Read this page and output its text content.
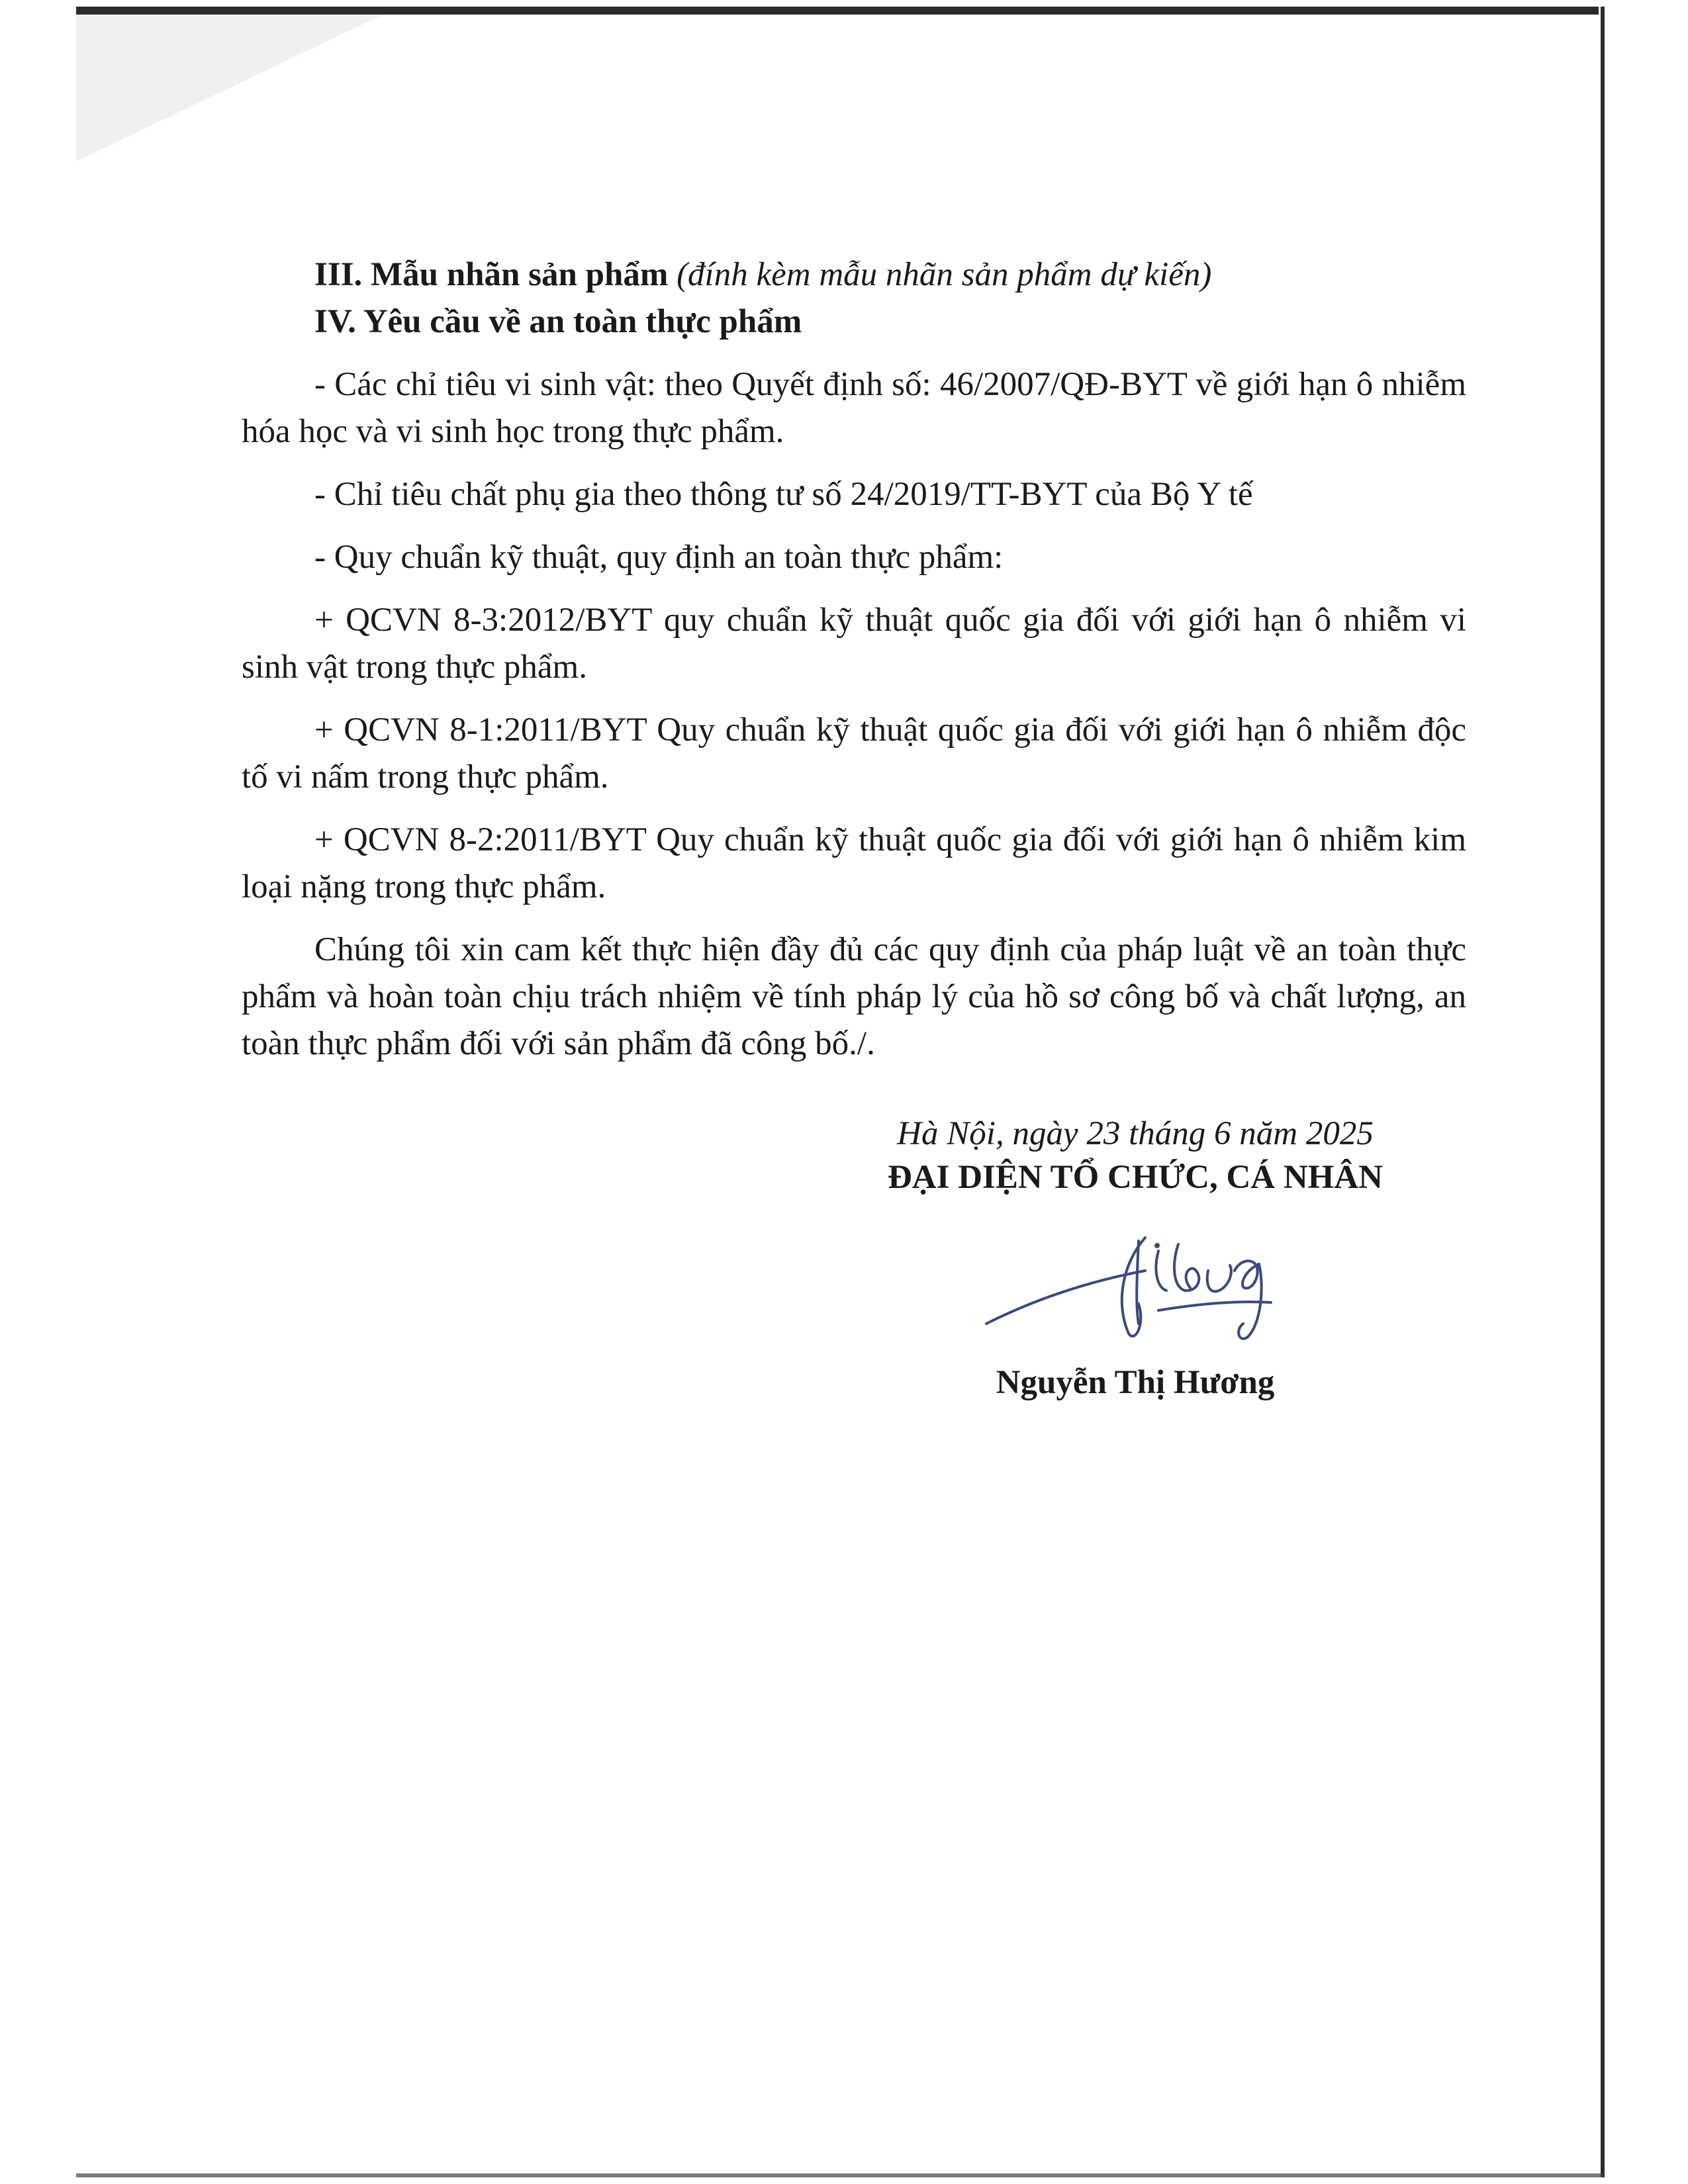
III. Mẫu nhãn sản phẩm (đính kèm mẫu nhãn sản phẩm dự kiến)

IV. Yêu cầu về an toàn thực phẩm

- Các chỉ tiêu vi sinh vật: theo Quyết định số: 46/2007/QĐ-BYT về giới hạn ô nhiễm hóa học và vi sinh học trong thực phẩm.

- Chỉ tiêu chất phụ gia theo thông tư số 24/2019/TT-BYT của Bộ Y tế

- Quy chuẩn kỹ thuật, quy định an toàn thực phẩm:

+ QCVN 8-3:2012/BYT quy chuẩn kỹ thuật quốc gia đối với giới hạn ô nhiễm vi sinh vật trong thực phẩm.

+ QCVN 8-1:2011/BYT Quy chuẩn kỹ thuật quốc gia đối với giới hạn ô nhiễm độc tố vi nấm trong thực phẩm.

+ QCVN 8-2:2011/BYT Quy chuẩn kỹ thuật quốc gia đối với giới hạn ô nhiễm kim loại nặng trong thực phẩm.

Chúng tôi xin cam kết thực hiện đầy đủ các quy định của pháp luật về an toàn thực phẩm và hoàn toàn chịu trách nhiệm về tính pháp lý của hồ sơ công bố và chất lượng, an toàn thực phẩm đối với sản phẩm đã công bố./.

Hà Nội, ngày 23 tháng 6 năm 2025
ĐẠI DIỆN TỔ CHỨC, CÁ NHÂN
Nguyễn Thị Hương
